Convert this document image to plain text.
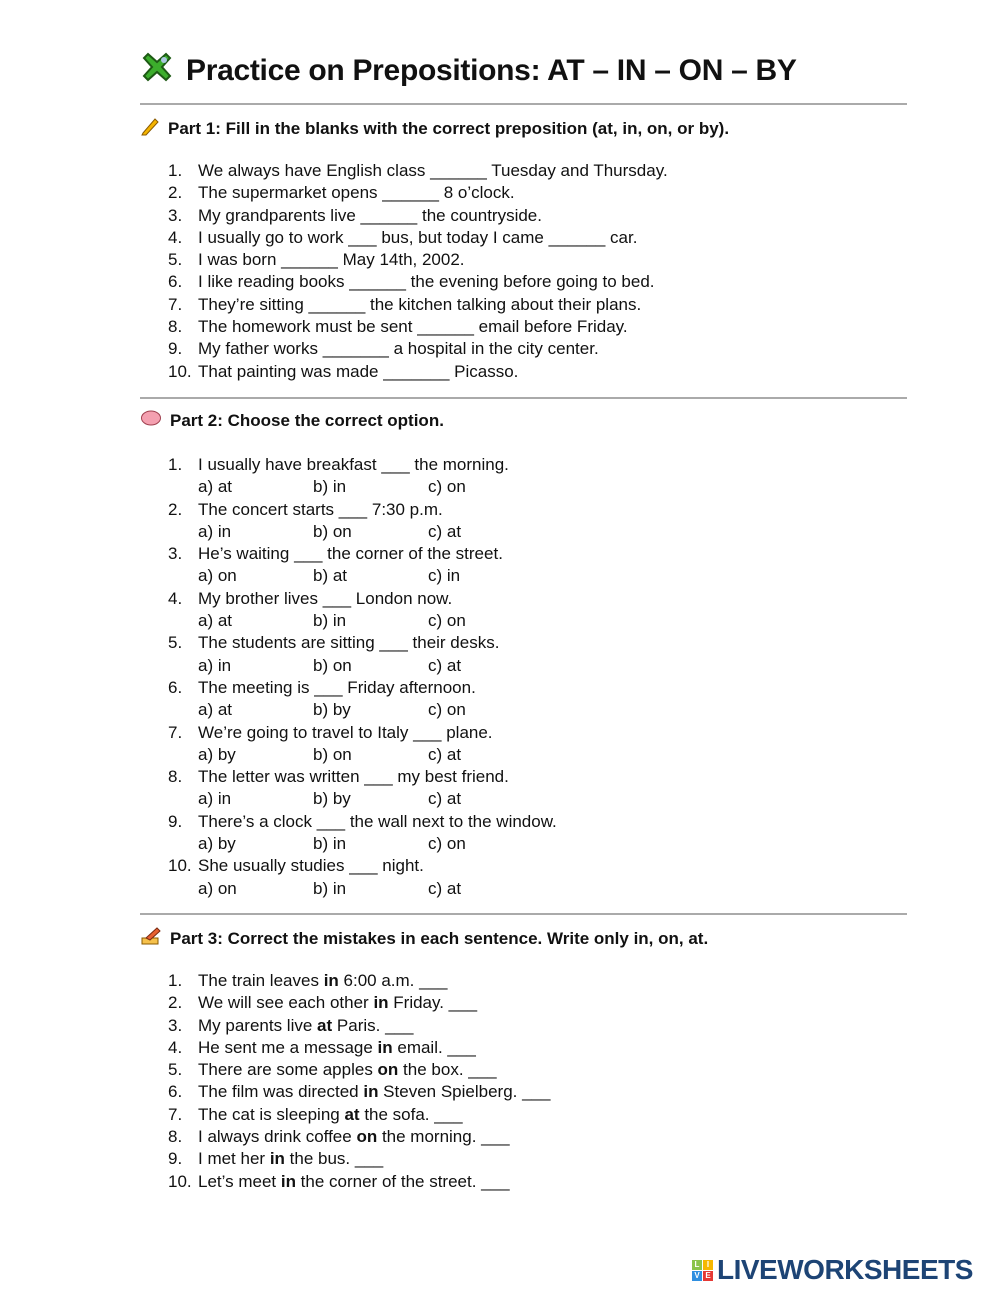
Practice on Prepositions: AT – IN – ON – BY
Part 1: Fill in the blanks with the correct preposition (at, in, on, or by).
1. We always have English class ______ Tuesday and Thursday.
2. The supermarket opens ______ 8 o’clock.
3. My grandparents live ______ the countryside.
4. I usually go to work ___ bus, but today I came ______ car.
5. I was born ______ May 14th, 2002.
6. I like reading books ______ the evening before going to bed.
7. They’re sitting ______ the kitchen talking about their plans.
8. The homework must be sent ______ email before Friday.
9. My father works _______ a hospital in the city center.
10. That painting was made _______ Picasso.
Part 2: Choose the correct option.
1. I usually have breakfast ___ the morning.
a) at	b) in	c) on
2. The concert starts ___ 7:30 p.m.
a) in	b) on	c) at
3. He’s waiting ___ the corner of the street.
a) on	b) at	c) in
4. My brother lives ___ London now.
a) at	b) in	c) on
5. The students are sitting ___ their desks.
a) in	b) on	c) at
6. The meeting is ___ Friday afternoon.
a) at	b) by	c) on
7. We’re going to travel to Italy ___ plane.
a) by	b) on	c) at
8. The letter was written ___ my best friend.
a) in	b) by	c) at
9. There’s a clock ___ the wall next to the window.
a) by	b) in	c) on
10. She usually studies ___ night.
a) on	b) in	c) at
Part 3: Correct the mistakes in each sentence. Write only in, on, at.
1. The train leaves in 6:00 a.m. ___
2. We will see each other in Friday. ___
3. My parents live at Paris. ___
4. He sent me a message in email. ___
5. There are some apples on the box. ___
6. The film was directed in Steven Spielberg. ___
7. The cat is sleeping at the sofa. ___
8. I always drink coffee on the morning. ___
9. I met her in the bus. ___
10. Let’s meet in the corner of the street. ___
L I
V E LIVEWORKSHEETS
